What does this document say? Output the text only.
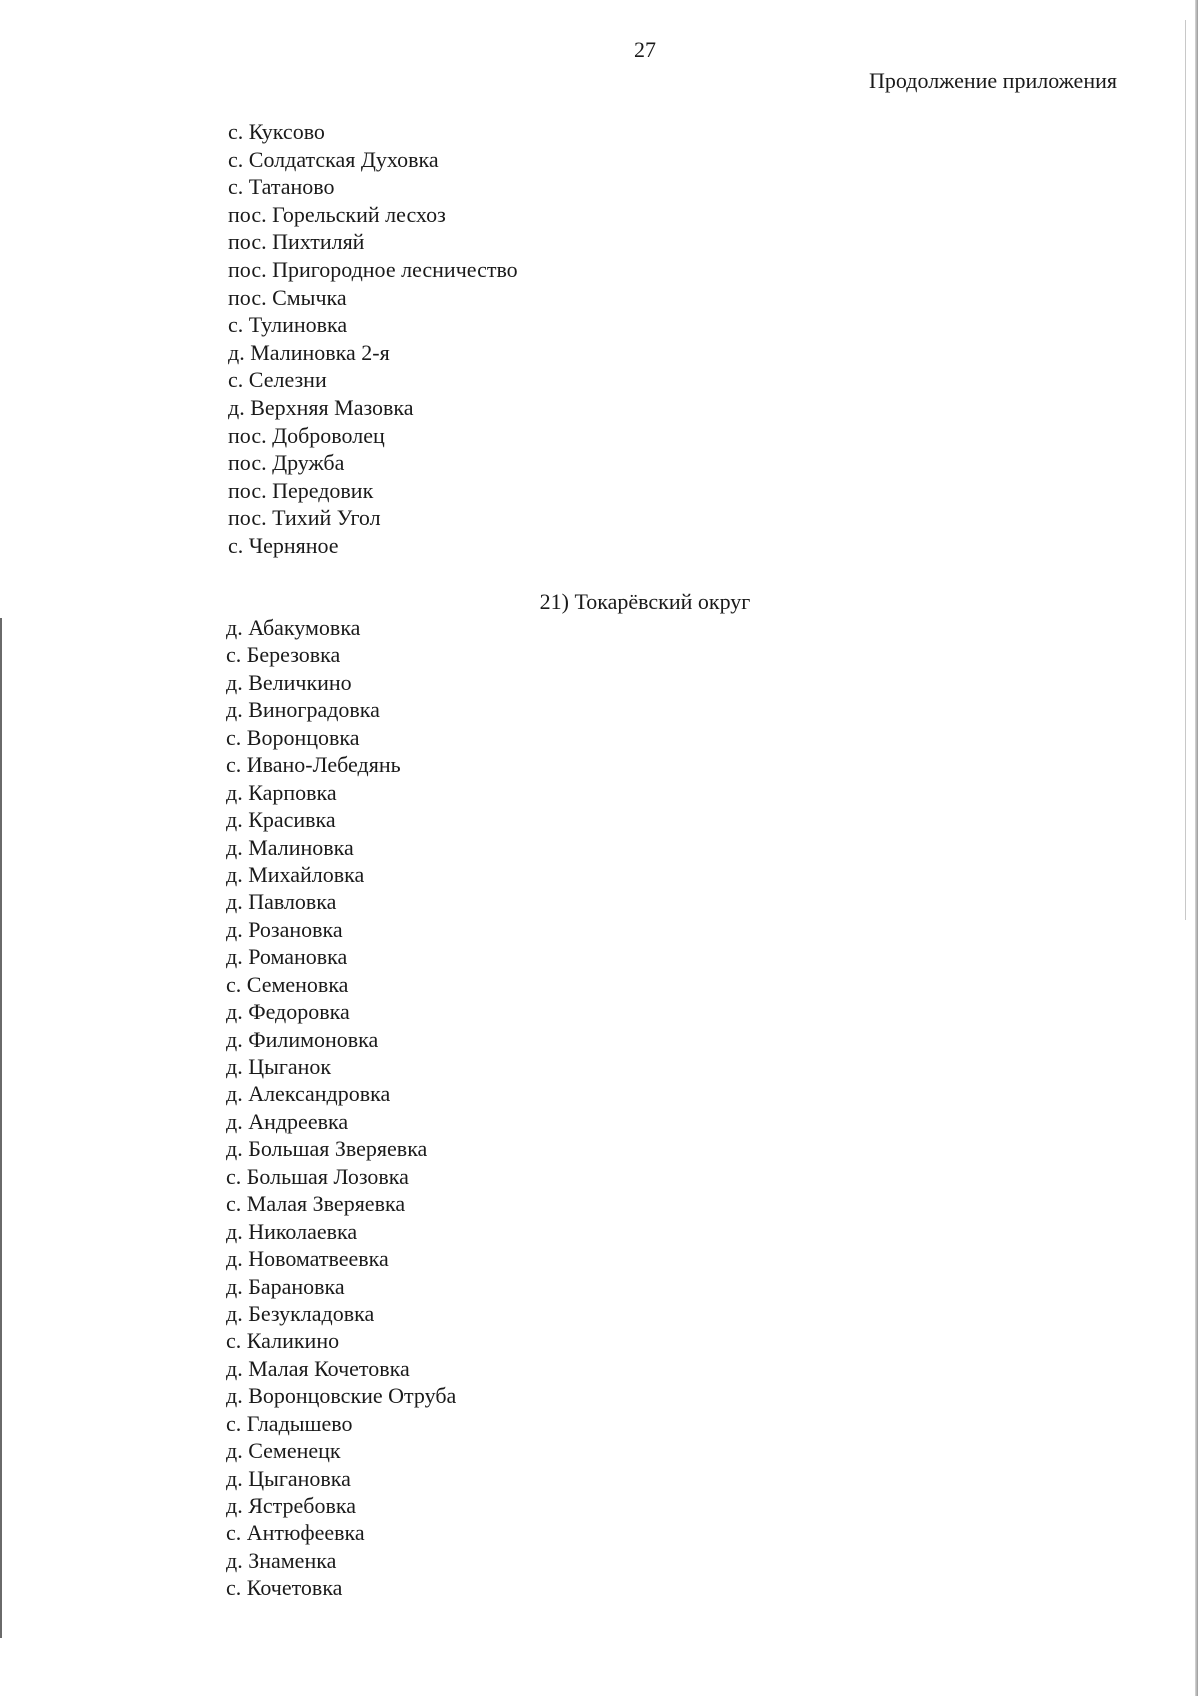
27
Продолжение приложения
с. Куксово
с. Солдатская Духовка
с. Татаново
пос. Горельский лесхоз
пос. Пихтиляй
пос. Пригородное лесничество
пос. Смычка
с. Тулиновка
д. Малиновка 2-я
с. Селезни
д. Верхняя Мазовка
пос. Доброволец
пос. Дружба
пос. Передовик
пос. Тихий Угол
с. Черняное
21) Токарёвский округ
д. Абакумовка
с. Березовка
д. Величкино
д. Виноградовка
с. Воронцовка
с. Ивано-Лебедянь
д. Карповка
д. Красивка
д. Малиновка
д. Михайловка
д. Павловка
д. Розановка
д. Романовка
с. Семеновка
д. Федоровка
д. Филимоновка
д. Цыганок
д. Александровка
д. Андреевка
д. Большая Зверяевка
с. Большая Лозовка
с. Малая Зверяевка
д. Николаевка
д. Новоматвеевка
д. Барановка
д. Безукладовка
с. Каликино
д. Малая Кочетовка
д. Воронцовские Отруба
с. Гладышево
д. Семенецк
д. Цыгановка
д. Ястребовка
с. Антюфеевка
д. Знаменка
с. Кочетовка
